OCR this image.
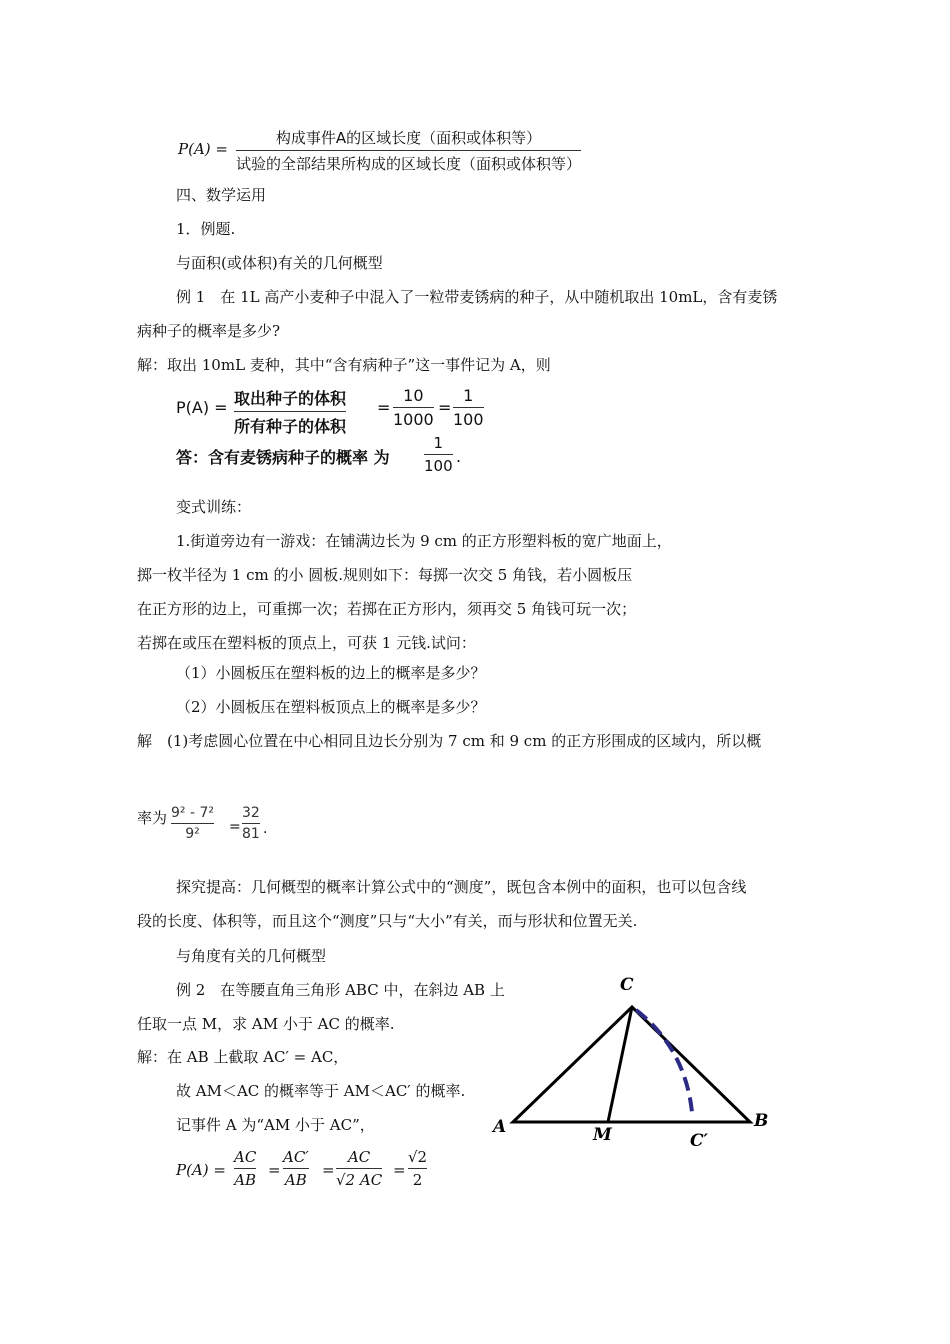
P(A) =
构成事件A的区域长度（面积或体积等）
试验的全部结果所构成的区域长度（面积或体积等）
四、数学运用
1．例题.
与面积(或体积)有关的几何概型
例 1　在 1L 高产小麦种子中混入了一粒带麦锈病的种子，从中随机取出 10mL，含有麦锈
病种子的概率是多少?
解：取出 10mL 麦种，其中“含有病种子”这一事件记为 A，则
P(A) = 取出种子的体积
所有种子的体积
=
10
1000
=
1
100
答：含有麦锈病种子的概率 为
1
100 .
变式训练：
1.街道旁边有一游戏：在铺满边长为 9 cm 的正方形塑料板的宽广地面上，
掷一枚半径为 1 cm 的小 圆板.规则如下：每掷一次交 5 角钱，若小圆板压
在正方形的边上，可重掷一次；若掷在正方形内，须再交 5 角钱可玩一次；
若掷在或压在塑料板的顶点上，可获 1 元钱.试问：
（1）小圆板压在塑料板的边上的概率是多少？
（2）小圆板压在塑料板顶点上的概率是多少？
解　(1)考虑圆心位置在中心相同且边长分别为 7 cm 和 9 cm 的正方形围成的区域内，所以概
率为 9² - 7²
9² =
32
81 .
探究提高：几何概型的概率计算公式中的“测度”，既包含本例中的面积，也可以包含线
段的长度、体积等，而且这个“测度”只与“大小”有关，而与形状和位置无关.
与角度有关的几何概型
例 2　在等腰直角三角形 ABC 中，在斜边 AB 上
任取一点 M，求 AM 小于 AC 的概率.
解：在 AB 上截取 AC′ = AC，
故 AM＜AC 的概率等于 AM＜AC′ 的概率.
记事件 A 为“AM 小于 AC”，
P(A) =
AC
AB
=
AC′
AB
=
AC
√2 AC
=
√2
2
C
A	B
M	C′
